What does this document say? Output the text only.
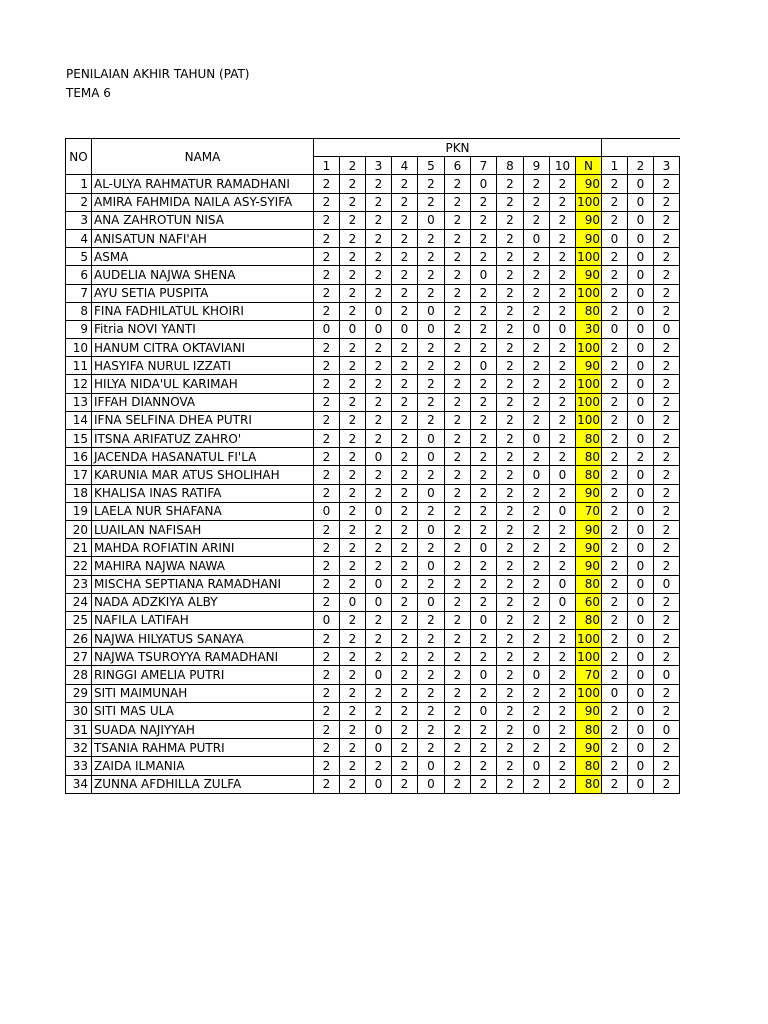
PENILAIAN AKHIR TAHUN (PAT)
TEMA 6
NO	NAMA	PKN													
		1	2	3	4	5	6	7	8	9	10	N	1	2	3
1	AL-ULYA RAHMATUR RAMADHANI	2	2	2	2	2	2	0	2	2	2	90	2	0	2
2	AMIRA FAHMIDA NAILA ASY-SYIFA	2	2	2	2	2	2	2	2	2	2	100	2	0	2
3	ANA ZAHROTUN NISA	2	2	2	2	0	2	2	2	2	2	90	2	0	2
4	ANISATUN NAFI'AH	2	2	2	2	2	2	2	2	0	2	90	0	0	2
5	ASMA	2	2	2	2	2	2	2	2	2	2	100	2	0	2
6	AUDELIA NAJWA SHENA	2	2	2	2	2	2	0	2	2	2	90	2	0	2
7	AYU SETIA PUSPITA	2	2	2	2	2	2	2	2	2	2	100	2	0	2
8	FINA FADHILATUL KHOIRI	2	2	0	2	0	2	2	2	2	2	80	2	0	2
9	Fitria NOVI YANTI	0	0	0	0	0	2	2	2	0	0	30	0	0	0
10	HANUM CITRA OKTAVIANI	2	2	2	2	2	2	2	2	2	2	100	2	0	2
11	HASYIFA NURUL IZZATI	2	2	2	2	2	2	0	2	2	2	90	2	0	2
12	HILYA NIDA'UL KARIMAH	2	2	2	2	2	2	2	2	2	2	100	2	0	2
13	IFFAH DIANNOVA	2	2	2	2	2	2	2	2	2	2	100	2	0	2
14	IFNA SELFINA DHEA PUTRI	2	2	2	2	2	2	2	2	2	2	100	2	0	2
15	ITSNA ARIFATUZ ZAHRO'	2	2	2	2	0	2	2	2	0	2	80	2	0	2
16	JACENDA HASANATUL FI'LA	2	2	0	2	0	2	2	2	2	2	80	2	2	2
17	KARUNIA MAR ATUS SHOLIHAH	2	2	2	2	2	2	2	2	0	0	80	2	0	2
18	KHALISA INAS RATIFA	2	2	2	2	0	2	2	2	2	2	90	2	0	2
19	LAELA NUR SHAFANA	0	2	0	2	2	2	2	2	2	0	70	2	0	2
20	LUAILAN NAFISAH	2	2	2	2	0	2	2	2	2	2	90	2	0	2
21	MAHDA ROFIATIN ARINI	2	2	2	2	2	2	0	2	2	2	90	2	0	2
22	MAHIRA NAJWA NAWA	2	2	2	2	0	2	2	2	2	2	90	2	0	2
23	MISCHA SEPTIANA RAMADHANI	2	2	0	2	2	2	2	2	2	0	80	2	0	0
24	NADA ADZKIYA ALBY	2	0	0	2	0	2	2	2	2	0	60	2	0	2
25	NAFILA LATIFAH	0	2	2	2	2	2	0	2	2	2	80	2	0	2
26	NAJWA HILYATUS SANAYA	2	2	2	2	2	2	2	2	2	2	100	2	0	2
27	NAJWA TSUROYYA RAMADHANI	2	2	2	2	2	2	2	2	2	2	100	2	0	2
28	RINGGI AMELIA PUTRI	2	2	0	2	2	2	0	2	0	2	70	2	0	0
29	SITI MAIMUNAH	2	2	2	2	2	2	2	2	2	2	100	0	0	2
30	SITI MAS ULA	2	2	2	2	2	2	0	2	2	2	90	2	0	2
31	SUADA NAJIYYAH	2	2	0	2	2	2	2	2	0	2	80	2	0	0
32	TSANIA RAHMA PUTRI	2	2	0	2	2	2	2	2	2	2	90	2	0	2
33	ZAIDA ILMANIA	2	2	2	2	0	2	2	2	0	2	80	2	0	2
34	ZUNNA AFDHILLA ZULFA	2	2	0	2	0	2	2	2	2	2	80	2	0	2
